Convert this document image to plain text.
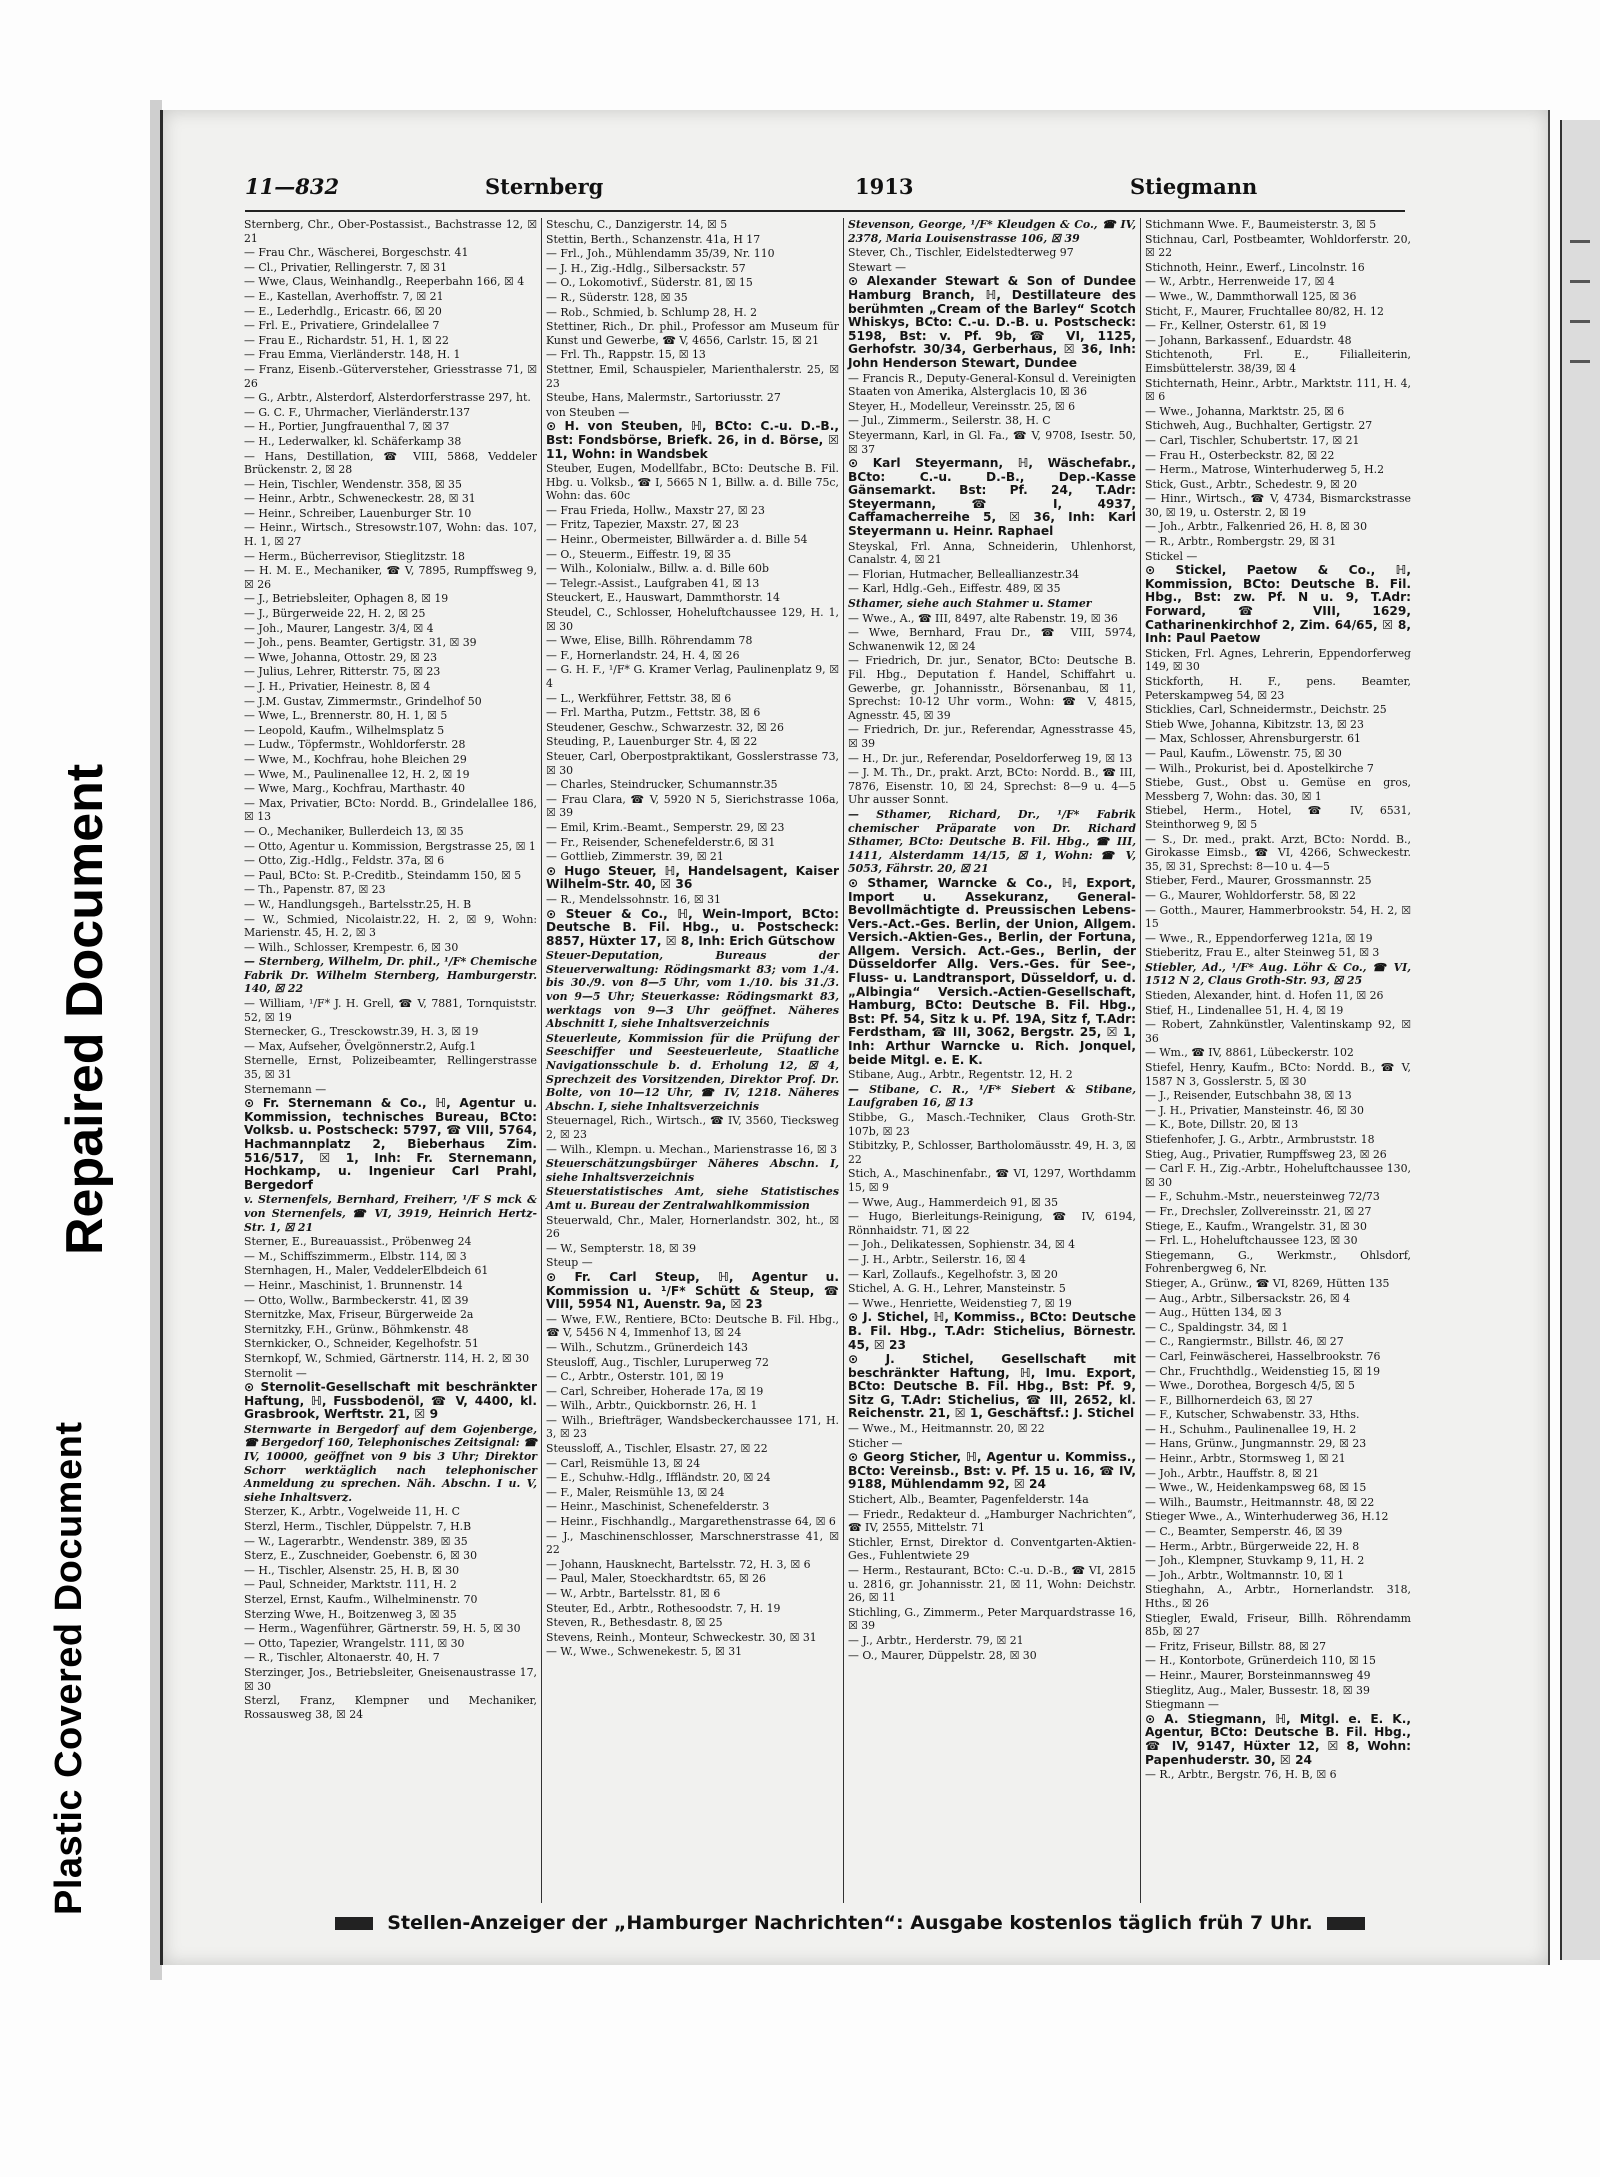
Plastic Covered Document
Repaired Document
11—832	Sternberg	1913	Stiegmann
Sternberg, Chr., Ober-Postassist., Bachstrasse 12, ☒ 21
— Frau Chr., Wäscherei, Borgeschstr. 41
— Cl., Privatier, Rellingerstr. 7, ☒ 31
— Wwe, Claus, Weinhandlg., Reeperbahn 166, ☒ 4
— E., Kastellan, Averhoffstr. 7, ☒ 21
— E., Lederhdlg., Ericastr. 66, ☒ 20
— Frl. E., Privatiere, Grindelallee 7
— Frau E., Richardstr. 51, H. 1, ☒ 22
— Frau Emma, Vierländerstr. 148, H. 1
— Franz, Eisenb.-Güterversteher, Griesstrasse 71, ☒ 26
— G., Arbtr., Alsterdorf, Alsterdorferstrasse 297, ht.
— G. C. F., Uhrmacher, Vierländerstr.137
— H., Portier, Jungfrauenthal 7, ☒ 37
— H., Lederwalker, kl. Schäferkamp 38
— Hans, Destillation, ☎ VIII, 5868, Veddeler Brückenstr. 2, ☒ 28
— Hein, Tischler, Wendenstr. 358, ☒ 35
— Heinr., Arbtr., Schweneckestr. 28, ☒ 31
— Heinr., Schreiber, Lauenburger Str. 10
— Heinr., Wirtsch., Stresowstr.107, Wohn: das. 107, H. 1, ☒ 27
— Herm., Bücherrevisor, Stieglitzstr. 18
— H. M. E., Mechaniker, ☎ V, 7895, Rumpffsweg 9, ☒ 26
— J., Betriebsleiter, Ophagen 8, ☒ 19
— J., Bürgerweide 22, H. 2, ☒ 25
— Joh., Maurer, Langestr. 3/4, ☒ 4
— Joh., pens. Beamter, Gertigstr. 31, ☒ 39
— Wwe, Johanna, Ottostr. 29, ☒ 23
— Julius, Lehrer, Ritterstr. 75, ☒ 23
— J. H., Privatier, Heinestr. 8, ☒ 4
— J.M. Gustav, Zimmermstr., Grindelhof 50
— Wwe, L., Brennerstr. 80, H. 1, ☒ 5
— Leopold, Kaufm., Wilhelmsplatz 5
— Ludw., Töpfermstr., Wohldorferstr. 28
— Wwe, M., Kochfrau, hohe Bleichen 29
— Wwe, M., Paulinenallee 12, H. 2, ☒ 19
— Wwe, Marg., Kochfrau, Marthastr. 40
— Max, Privatier, BCto: Nordd. B., Grindelallee 186, ☒ 13
— O., Mechaniker, Bullerdeich 13, ☒ 35
— Otto, Agentur u. Kommission, Bergstrasse 25, ☒ 1
— Otto, Zig.-Hdlg., Feldstr. 37a, ☒ 6
— Paul, BCto: St. P.-Creditb., Steindamm 150, ☒ 5
— Th., Papenstr. 87, ☒ 23
— W., Handlungsgeh., Bartelsstr.25, H. B
— W., Schmied, Nicolaistr.22, H. 2, ☒ 9, Wohn: Marienstr. 45, H. 2, ☒ 3
— Wilh., Schlosser, Krempestr. 6, ☒ 30
— Sternberg, Wilhelm, Dr. phil., ¹/F* Chemische Fabrik Dr. Wilhelm Sternberg, Hamburgerstr. 140, ☒ 22
— William, ¹/F* J. H. Grell, ☎ V, 7881, Tornquiststr. 52, ☒ 19
Sternecker, G., Tresckowstr.39, H. 3, ☒ 19
— Max, Aufseher, Övelgönnerstr.2, Aufg.1
Sternelle, Ernst, Polizeibeamter, Rellingerstrasse 35, ☒ 31
Sternemann —
⊙ Fr. Sternemann & Co., ℍ, Agentur u. Kommission, technisches Bureau, BCto: Volksb. u. Postscheck: 5797, ☎ VIII, 5764, Hachmannplatz 2, Bieberhaus Zim. 516/517, ☒ 1, Inh: Fr. Sternemann, Hochkamp, u. Ingenieur Carl Prahl, Bergedorf
v. Sternenfels, Bernhard, Freiherr, ¹/F S mck & von Sternenfels, ☎ VI, 3919, Heinrich Hertz-Str. 1, ☒ 21
Sterner, E., Bureauassist., Pröbenweg 24
— M., Schiffszimmerm., Elbstr. 114, ☒ 3
Sternhagen, H., Maler, VeddelerElbdeich 61
— Heinr., Maschinist, 1. Brunnenstr. 14
— Otto, Wollw., Barmbeckerstr. 41, ☒ 39
Sternitzke, Max, Friseur, Bürgerweide 2a
Sternitzky, F.H., Grünw., Böhmkenstr. 48
Sternkicker, O., Schneider, Kegelhofstr. 51
Sternkopf, W., Schmied, Gärtnerstr. 114, H. 2, ☒ 30
Sternolit —
⊙ Sternolit-Gesellschaft mit beschränkter Haftung, ℍ, Fussbodenöl, ☎ V, 4400, kl. Grasbrook, Werftstr. 21, ☒ 9
Sternwarte in Bergedorf auf dem Gojenberge, ☎ Bergedorf 160, Telephonisches Zeitsignal: ☎ IV, 10000, geöffnet von 9 bis 3 Uhr; Direktor Schorr werktäglich nach telephonischer Anmeldung zu sprechen. Näh. Abschn. I u. V, siehe Inhaltsverz.
Sterzer, K., Arbtr., Vogelweide 11, H. C
Sterzl, Herm., Tischler, Düppelstr. 7, H.B
— W., Lagerarbtr., Wendenstr. 389, ☒ 35
Sterz, E., Zuschneider, Goebenstr. 6, ☒ 30
— H., Tischler, Alsenstr. 25, H. B, ☒ 30
— Paul, Schneider, Marktstr. 111, H. 2
Sterzel, Ernst, Kaufm., Wilhelminenstr. 70
Sterzing Wwe, H., Boitzenweg 3, ☒ 35
— Herm., Wagenführer, Gärtnerstr. 59, H. 5, ☒ 30
— Otto, Tapezier, Wrangelstr. 111, ☒ 30
— R., Tischler, Altonaerstr. 40, H. 7
Sterzinger, Jos., Betriebsleiter, Gneisenaustrasse 17, ☒ 30
Sterzl, Franz, Klempner und Mechaniker, Rossausweg 38, ☒ 24
Steschu, C., Danzigerstr. 14, ☒ 5
Stettin, Berth., Schanzenstr. 41a, H 17
— Frl., Joh., Mühlendamm 35/39, Nr. 110
— J. H., Zig.-Hdlg., Silbersackstr. 57
— O., Lokomotivf., Süderstr. 81, ☒ 15
— R., Süderstr. 128, ☒ 35
— Rob., Schmied, b. Schlump 28, H. 2
Stettiner, Rich., Dr. phil., Professor am Museum für Kunst und Gewerbe, ☎ V, 4656, Carlstr. 15, ☒ 21
— Frl. Th., Rappstr. 15, ☒ 13
Stettner, Emil, Schauspieler, Marienthalerstr. 25, ☒ 23
Steube, Hans, Malermstr., Sartoriusstr. 27
von Steuben —
⊙ H. von Steuben, ℍ, BCto: C.-u. D.-B., Bst: Fondsbörse, Briefk. 26, in d. Börse, ☒ 11, Wohn: in Wandsbek
Steuber, Eugen, Modellfabr., BCto: Deutsche B. Fil. Hbg. u. Volksb., ☎ I, 5665 N 1, Billw. a. d. Bille 75c, Wohn: das. 60c
— Frau Frieda, Hollw., Maxstr 27, ☒ 23
— Fritz, Tapezier, Maxstr. 27, ☒ 23
— Heinr., Obermeister, Billwärder a. d. Bille 54
— O., Steuerm., Eiffestr. 19, ☒ 35
— Wilh., Kolonialw., Billw. a. d. Bille 60b
— Telegr.-Assist., Laufgraben 41, ☒ 13
Steuckert, E., Hauswart, Dammthorstr. 14
Steudel, C., Schlosser, Hoheluftchaussee 129, H. 1, ☒ 30
— Wwe, Elise, Billh. Röhrendamm 78
— F., Hornerlandstr. 24, H. 4, ☒ 26
— G. H. F., ¹/F* G. Kramer Verlag, Paulinenplatz 9, ☒ 4
— L., Werkführer, Fettstr. 38, ☒ 6
— Frl. Martha, Putzm., Fettstr. 38, ☒ 6
Steudener, Geschw., Schwarzestr. 32, ☒ 26
Steuding, P., Lauenburger Str. 4, ☒ 22
Steuer, Carl, Oberpostpraktikant, Gosslerstrasse 73, ☒ 30
— Charles, Steindrucker, Schumannstr.35
— Frau Clara, ☎ V, 5920 N 5, Sierichstrasse 106a, ☒ 39
— Emil, Krim.-Beamt., Semperstr. 29, ☒ 23
— Fr., Reisender, Schenefelderstr.6, ☒ 31
— Gottlieb, Zimmerstr. 39, ☒ 21
⊙ Hugo Steuer, ℍ, Handelsagent, Kaiser Wilhelm-Str. 40, ☒ 36
— R., Mendelssohnstr. 16, ☒ 31
⊙ Steuer & Co., ℍ, Wein-Import, BCto: Deutsche B. Fil. Hbg., u. Postscheck: 8857, Hüxter 17, ☒ 8, Inh: Erich Gütschow
Steuer-Deputation, Bureaus der Steuerverwaltung: Rödingsmarkt 83; vom 1./4. bis 30./9. von 8—5 Uhr, vom 1./10. bis 31./3. von 9—5 Uhr; Steuerkasse: Rödingsmarkt 83, werktags von 9—3 Uhr geöffnet. Näheres Abschnitt I, siehe Inhaltsverzeichnis
Steuerleute, Kommission für die Prüfung der Seeschiffer und Seesteuerleute, Staatliche Navigationsschule b. d. Erholung 12, ☒ 4, Sprechzeit des Vorsitzenden, Direktor Prof. Dr. Bolte, von 10—12 Uhr, ☎ IV, 1218. Näheres Abschn. I, siehe Inhaltsverzeichnis
Steuernagel, Rich., Wirtsch., ☎ IV, 3560, Tiecksweg 2, ☒ 23
— Wilh., Klempn. u. Mechan., Marienstrasse 16, ☒ 3
Steuerschätzungsbürger Näheres Abschn. I, siehe Inhaltsverzeichnis
Steuerstatistisches Amt, siehe Statistisches Amt u. Bureau der Zentralwahlkommission
Steuerwald, Chr., Maler, Hornerlandstr. 302, ht., ☒ 26
— W., Sempterstr. 18, ☒ 39
Steup —
⊙ Fr. Carl Steup, ℍ, Agentur u. Kommission u. ¹/F* Schütt & Steup, ☎ VIII, 5954 N1, Auenstr. 9a, ☒ 23
— Wwe, F.W., Rentiere, BCto: Deutsche B. Fil. Hbg., ☎ V, 5456 N 4, Immenhof 13, ☒ 24
— Wilh., Schutzm., Grünerdeich 143
Steusloff, Aug., Tischler, Luruperweg 72
— C., Arbtr., Osterstr. 101, ☒ 19
— Carl, Schreiber, Hoherade 17a, ☒ 19
— Wilh., Arbtr., Quickbornstr. 26, H. 1
— Wilh., Briefträger, Wandsbeckerchaussee 171, H. 3, ☒ 23
Steussloff, A., Tischler, Elsastr. 27, ☒ 22
— Carl, Reismühle 13, ☒ 24
— E., Schuhw.-Hdlg., Iffländstr. 20, ☒ 24
— F., Maler, Reismühle 13, ☒ 24
— Heinr., Maschinist, Schenefelderstr. 3
— Heinr., Fischhandlg., Margarethenstrasse 64, ☒ 6
— J., Maschinenschlosser, Marschnerstrasse 41, ☒ 22
— Johann, Hausknecht, Bartelsstr. 72, H. 3, ☒ 6
— Paul, Maler, Stoeckhardtstr. 65, ☒ 26
— W., Arbtr., Bartelsstr. 81, ☒ 6
Steuter, Ed., Arbtr., Rothesoodstr. 7, H. 19
Steven, R., Bethesdastr. 8, ☒ 25
Stevens, Reinh., Monteur, Schweckestr. 30, ☒ 31
— W., Wwe., Schwenekestr. 5, ☒ 31
Stevenson, George, ¹/F* Kleudgen & Co., ☎ IV, 2378, Maria Louisenstrasse 106, ☒ 39
Stever, Ch., Tischler, Eidelstedterweg 97
Stewart —
⊙ Alexander Stewart & Son of Dundee Hamburg Branch, ℍ, Destillateure des berühmten „Cream of the Barley“ Scotch Whiskys, BCto: C.-u. D.-B. u. Postscheck: 5198, Bst: v. Pf. 9b, ☎ VI, 1125, Gerhofstr. 30/34, Gerberhaus, ☒ 36, Inh: John Henderson Stewart, Dundee
— Francis R., Deputy-General-Konsul d. Vereinigten Staaten von Amerika, Alsterglacis 10, ☒ 36
Steyer, H., Modelleur, Vereinsstr. 25, ☒ 6
— Jul., Zimmerm., Seilerstr. 38, H. C
Steyermann, Karl, in Gl. Fa., ☎ V, 9708, Isestr. 50, ☒ 37
⊙ Karl Steyermann, ℍ, Wäschefabr., BCto: C.-u. D.-B., Dep.-Kasse Gänsemarkt. Bst: Pf. 24, T.Adr: Steyermann, ☎ I, 4937, Caffamacherreihe 5, ☒ 36, Inh: Karl Steyermann u. Heinr. Raphael
Steyskal, Frl. Anna, Schneiderin, Uhlenhorst, Canalstr. 4, ☒ 21
— Florian, Hutmacher, Belleallianzestr.34
— Karl, Hdlg.-Geh., Eiffestr. 489, ☒ 35
Sthamer, siehe auch Stahmer u. Stamer
— Wwe., A., ☎ III, 8497, alte Rabenstr. 19, ☒ 36
— Wwe, Bernhard, Frau Dr., ☎ VIII, 5974, Schwanenwik 12, ☒ 24
— Friedrich, Dr. jur., Senator, BCto: Deutsche B. Fil. Hbg., Deputation f. Handel, Schiffahrt u. Gewerbe, gr. Johannisstr., Börsenanbau, ☒ 11, Sprechst: 10-12 Uhr vorm., Wohn: ☎ V, 4815, Agnesstr. 45, ☒ 39
— Friedrich, Dr. jur., Referendar, Agnesstrasse 45, ☒ 39
— H., Dr. jur., Referendar, Poseldorferweg 19, ☒ 13
— J. M. Th., Dr., prakt. Arzt, BCto: Nordd. B., ☎ III, 7876, Eisenstr. 10, ☒ 24, Sprechst: 8—9 u. 4—5 Uhr ausser Sonnt.
— Sthamer, Richard, Dr., ¹/F* Fabrik chemischer Präparate von Dr. Richard Sthamer, BCto: Deutsche B. Fil. Hbg., ☎ III, 1411, Alsterdamm 14/15, ☒ 1, Wohn: ☎ V, 5053, Fährstr. 20, ☒ 21
⊙ Sthamer, Warncke & Co., ℍ, Export, Import u. Assekuranz, General-Bevollmächtigte d. Preussischen Lebens-Vers.-Act.-Ges. Berlin, der Union, Allgem. Versich.-Aktien-Ges., Berlin, der Fortuna, Allgem. Versich. Act.-Ges., Berlin, der Düsseldorfer Allg. Vers.-Ges. für See-, Fluss- u. Landtransport, Düsseldorf, u. d. „Albingia“ Versich.-Actien-Gesellschaft, Hamburg, BCto: Deutsche B. Fil. Hbg., Bst: Pf. 54, Sitz k u. Pf. 19A, Sitz f, T.Adr: Ferdstham, ☎ III, 3062, Bergstr. 25, ☒ 1, Inh: Arthur Warncke u. Rich. Jonquel, beide Mitgl. e. E. K.
Stibane, Aug., Arbtr., Regentstr. 12, H. 2
— Stibane, C. R., ¹/F* Siebert & Stibane, Laufgraben 16, ☒ 13
Stibbe, G., Masch.-Techniker, Claus Groth-Str. 107b, ☒ 23
Stibitzky, P., Schlosser, Bartholomäusstr. 49, H. 3, ☒ 22
Stich, A., Maschinenfabr., ☎ VI, 1297, Worthdamm 15, ☒ 9
— Wwe, Aug., Hammerdeich 91, ☒ 35
— Hugo, Bierleitungs-Reinigung, ☎ IV, 6194, Rönnhaidstr. 71, ☒ 22
— Joh., Delikatessen, Sophienstr. 34, ☒ 4
— J. H., Arbtr., Seilerstr. 16, ☒ 4
— Karl, Zollaufs., Kegelhofstr. 3, ☒ 20
Stichel, A. G. H., Lehrer, Mansteinstr. 5
— Wwe., Henriette, Weidenstieg 7, ☒ 19
⊙ J. Stichel, ℍ, Kommiss., BCto: Deutsche B. Fil. Hbg., T.Adr: Stichelius, Börnestr. 45, ☒ 23
⊙ J. Stichel, Gesellschaft mit beschränkter Haftung, ℍ, Imu. Export, BCto: Deutsche B. Fil. Hbg., Bst: Pf. 9, Sitz G, T.Adr: Stichelius, ☎ III, 2652, kl. Reichenstr. 21, ☒ 1, Geschäftsf.: J. Stichel
— Wwe., M., Heitmannstr. 20, ☒ 22
Sticher —
⊙ Georg Sticher, ℍ, Agentur u. Kommiss., BCto: Vereinsb., Bst: v. Pf. 15 u. 16, ☎ IV, 9188, Mühlendamm 92, ☒ 24
Stichert, Alb., Beamter, Pagenfelderstr. 14a
— Friedr., Redakteur d. „Hamburger Nachrichten“, ☎ IV, 2555, Mittelstr. 71
Stichler, Ernst, Direktor d. Conventgarten-Aktien-Ges., Fuhlentwiete 29
— Herm., Restaurant, BCto: C.-u. D.-B., ☎ VI, 2815 u. 2816, gr. Johannisstr. 21, ☒ 11, Wohn: Deichstr. 26, ☒ 11
Stichling, G., Zimmerm., Peter Marquardstrasse 16, ☒ 39
— J., Arbtr., Herderstr. 79, ☒ 21
— O., Maurer, Düppelstr. 28, ☒ 30
Stichmann Wwe. F., Baumeisterstr. 3, ☒ 5
Stichnau, Carl, Postbeamter, Wohldorferstr. 20, ☒ 22
Stichnoth, Heinr., Ewerf., Lincolnstr. 16
— W., Arbtr., Herrenweide 17, ☒ 4
— Wwe., W., Dammthorwall 125, ☒ 36
Sticht, F., Maurer, Fruchtallee 80/82, H. 12
— Fr., Kellner, Osterstr. 61, ☒ 19
— Johann, Barkassenf., Eduardstr. 48
Stichtenoth, Frl. E., Filialleiterin, Eimsbüttelerstr. 38/39, ☒ 4
Stichternath, Heinr., Arbtr., Marktstr. 111, H. 4, ☒ 6
— Wwe., Johanna, Marktstr. 25, ☒ 6
Stichweh, Aug., Buchhalter, Gertigstr. 27
— Carl, Tischler, Schubertstr. 17, ☒ 21
— Frau H., Osterbeckstr. 82, ☒ 22
— Herm., Matrose, Winterhuderweg 5, H.2
Stick, Gust., Arbtr., Schedestr. 9, ☒ 20
— Hinr., Wirtsch., ☎ V, 4734, Bismarckstrasse 30, ☒ 19, u. Osterstr. 2, ☒ 19
— Joh., Arbtr., Falkenried 26, H. 8, ☒ 30
— R., Arbtr., Rombergstr. 29, ☒ 31
Stickel —
⊙ Stickel, Paetow & Co., ℍ, Kommission, BCto: Deutsche B. Fil. Hbg., Bst: zw. Pf. N u. 9, T.Adr: Forward, ☎ VIII, 1629, Catharinenkirchhof 2, Zim. 64/65, ☒ 8, Inh: Paul Paetow
Sticken, Frl. Agnes, Lehrerin, Eppendorferweg 149, ☒ 30
Stickforth, H. F., pens. Beamter, Peterskampweg 54, ☒ 23
Sticklies, Carl, Schneidermstr., Deichstr. 25
Stieb Wwe, Johanna, Kibitzstr. 13, ☒ 23
— Max, Schlosser, Ahrensburgerstr. 61
— Paul, Kaufm., Löwenstr. 75, ☒ 30
— Wilh., Prokurist, bei d. Apostelkirche 7
Stiebe, Gust., Obst u. Gemüse en gros, Messberg 7, Wohn: das. 30, ☒ 1
Stiebel, Herm., Hotel, ☎ IV, 6531, Steinthorweg 9, ☒ 5
— S., Dr. med., prakt. Arzt, BCto: Nordd. B., Girokasse Eimsb., ☎ VI, 4266, Schweckestr. 35, ☒ 31, Sprechst: 8—10 u. 4—5
Stieber, Ferd., Maurer, Grossmannstr. 25
— G., Maurer, Wohldorferstr. 58, ☒ 22
— Gotth., Maurer, Hammerbrookstr. 54, H. 2, ☒ 15
— Wwe., R., Eppendorferweg 121a, ☒ 19
Stieberitz, Frau E., alter Steinweg 51, ☒ 3
Stiebler, Ad., ¹/F* Aug. Löhr & Co., ☎ VI, 1512 N 2, Claus Groth-Str. 93, ☒ 25
Stieden, Alexander, hint. d. Hofen 11, ☒ 26
Stief, H., Lindenallee 51, H. 4, ☒ 19
— Robert, Zahnkünstler, Valentinskamp 92, ☒ 36
— Wm., ☎ IV, 8861, Lübeckerstr. 102
Stiefel, Henry, Kaufm., BCto: Nordd. B., ☎ V, 1587 N 3, Gosslerstr. 5, ☒ 30
— J., Reisender, Eutschbahn 38, ☒ 13
— J. H., Privatier, Mansteinstr. 46, ☒ 30
— K., Bote, Dillstr. 20, ☒ 13
Stiefenhofer, J. G., Arbtr., Armbruststr. 18
Stieg, Aug., Privatier, Rumpffsweg 23, ☒ 26
— Carl F. H., Zig.-Arbtr., Hoheluftchaussee 130, ☒ 30
— F., Schuhm.-Mstr., neuersteinweg 72/73
— Fr., Drechsler, Zollvereinsstr. 21, ☒ 27
Stiege, E., Kaufm., Wrangelstr. 31, ☒ 30
— Frl. L., Hoheluftchaussee 123, ☒ 30
Stiegemann, G., Werkmstr., Ohlsdorf, Fohrenbergweg 6, Nr.
Stieger, A., Grünw., ☎ VI, 8269, Hütten 135
— Aug., Arbtr., Silbersackstr. 26, ☒ 4
— Aug., Hütten 134, ☒ 3
— C., Spaldingstr. 34, ☒ 1
— C., Rangiermstr., Billstr. 46, ☒ 27
— Carl, Feinwäscherei, Hasselbrookstr. 76
— Chr., Fruchthdlg., Weidenstieg 15, ☒ 19
— Wwe., Dorothea, Borgesch 4/5, ☒ 5
— F., Billhornerdeich 63, ☒ 27
— F., Kutscher, Schwabenstr. 33, Hths.
— H., Schuhm., Paulinenallee 19, H. 2
— Hans, Grünw., Jungmannstr. 29, ☒ 23
— Heinr., Arbtr., Stormsweg 1, ☒ 21
— Joh., Arbtr., Hauffstr. 8, ☒ 21
— Wwe., W., Heidenkampsweg 68, ☒ 15
— Wilh., Baumstr., Heitmannstr. 48, ☒ 22
Stieger Wwe., A., Winterhuderweg 36, H.12
— C., Beamter, Semperstr. 46, ☒ 39
— Herm., Arbtr., Bürgerweide 22, H. 8
— Joh., Klempner, Stuvkamp 9, 11, H. 2
— Joh., Arbtr., Woltmannstr. 10, ☒ 1
Stieghahn, A., Arbtr., Hornerlandstr. 318, Hths., ☒ 26
Stiegler, Ewald, Friseur, Billh. Röhrendamm 85b, ☒ 27
— Fritz, Friseur, Billstr. 88, ☒ 27
— H., Kontorbote, Grünerdeich 110, ☒ 15
— Heinr., Maurer, Borsteinmannsweg 49
Stieglitz, Aug., Maler, Bussestr. 18, ☒ 39
Stiegmann —
⊙ A. Stiegmann, ℍ, Mitgl. e. E. K., Agentur, BCto: Deutsche B. Fil. Hbg., ☎ IV, 9147, Hüxter 12, ☒ 8, Wohn: Papenhuderstr. 30, ☒ 24
— R., Arbtr., Bergstr. 76, H. B, ☒ 6
Stellen-Anzeiger der „Hamburger Nachrichten“: Ausgabe kostenlos täglich früh 7 Uhr.
